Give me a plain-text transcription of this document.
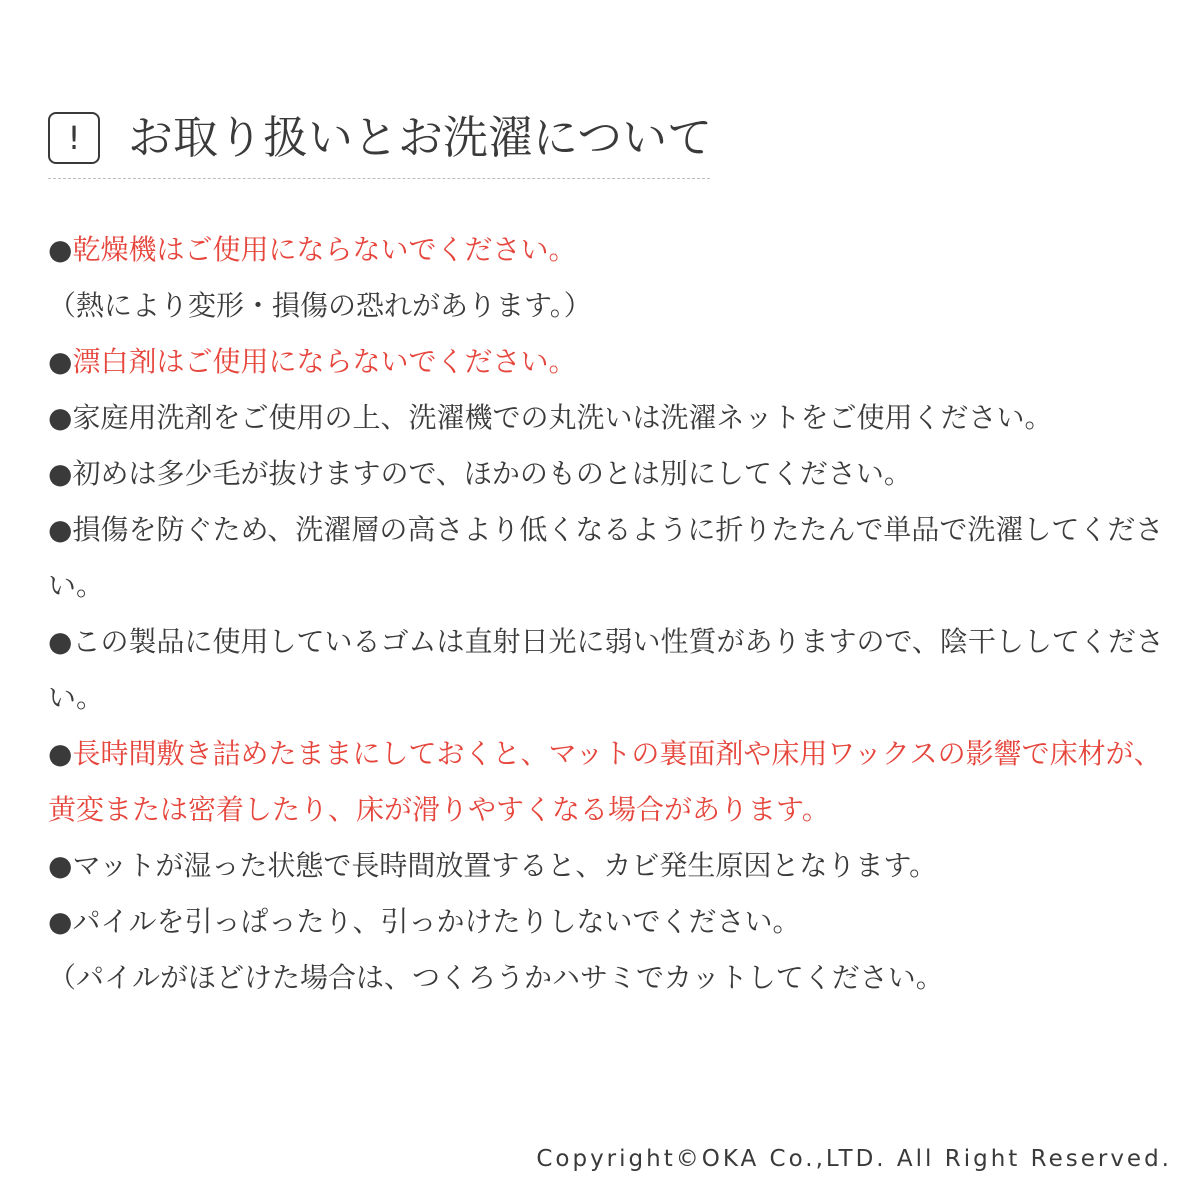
!	お取り扱いとお洗濯について

●乾燥機はご使用にならないでください。

（熱により変形・損傷の恐れがあります。）

●漂白剤はご使用にならないでください。

●家庭用洗剤をご使用の上、洗濯機での丸洗いは洗濯ネットをご使用ください。

●初めは多少毛が抜けますので、ほかのものとは別にしてください。

●損傷を防ぐため、洗濯層の高さより低くなるように折りたたんで単品で洗濯してください。

●この製品に使用しているゴムは直射日光に弱い性質がありますので、陰干ししてください。

●長時間敷き詰めたままにしておくと、マットの裏面剤や床用ワックスの影響で床材が、黄変または密着したり、床が滑りやすくなる場合があります。

●マットが湿った状態で長時間放置すると、カビ発生原因となります。

●パイルを引っぱったり、引っかけたりしないでください。

（パイルがほどけた場合は、つくろうかハサミでカットしてください。

Copyright©OKA Co.,LTD. All Right Reserved.
